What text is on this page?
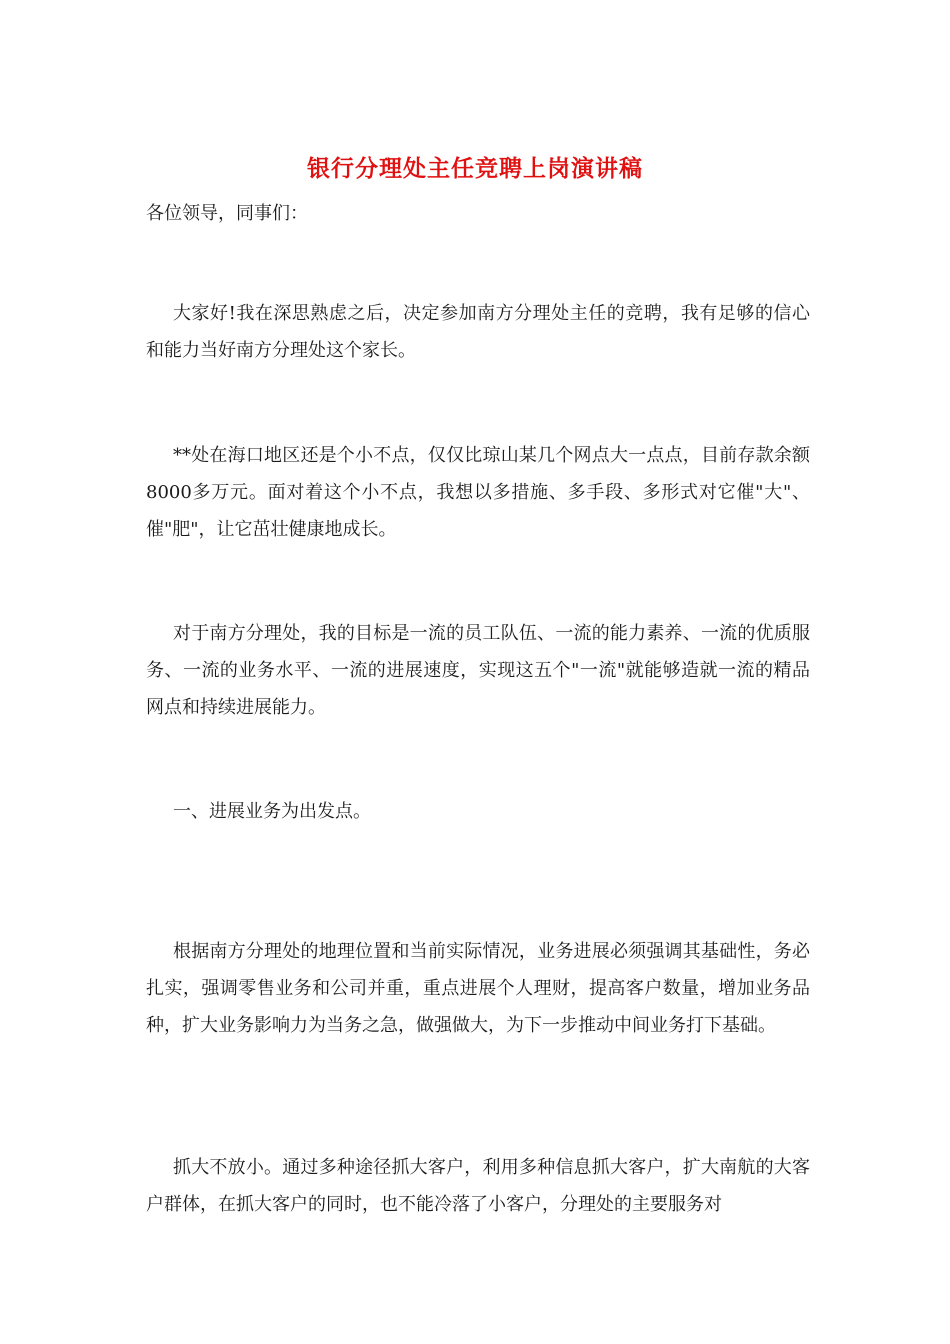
银行分理处主任竞聘上岗演讲稿

各位领导，同事们：

大家好!我在深思熟虑之后，决定参加南方分理处主任的竞聘，我有足够的信心和能力当好南方分理处这个家长。

**处在海口地区还是个小不点，仅仅比琼山某几个网点大一点点，目前存款余额8000多万元。面对着这个小不点，我想以多措施、多手段、多形式对它催"大"、催"肥"，让它茁壮健康地成长。

对于南方分理处，我的目标是一流的员工队伍、一流的能力素养、一流的优质服务、一流的业务水平、一流的进展速度，实现这五个"一流"就能够造就一流的精品网点和持续进展能力。

一、进展业务为出发点。

根据南方分理处的地理位置和当前实际情况，业务进展必须强调其基础性，务必扎实，强调零售业务和公司并重，重点进展个人理财，提高客户数量，增加业务品种，扩大业务影响力为当务之急，做强做大，为下一步推动中间业务打下基础。

抓大不放小。通过多种途径抓大客户，利用多种信息抓大客户，扩大南航的大客户群体，在抓大客户的同时，也不能冷落了小客户，分理处的主要服务对
